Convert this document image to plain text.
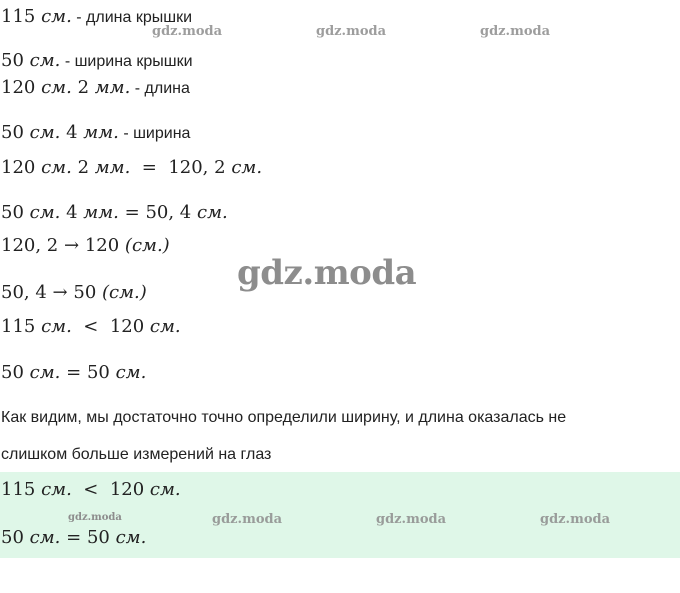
115 см. - длина крышки
50 см. - ширина крышки
120 см. 2 мм. - длина
50 см. 4 мм. - ширина
120 см. 2 мм. = 120, 2 см.
50 см. 4 мм. = 50, 4 см.
120, 2 → 120 (см.)
50, 4 → 50 (см.)
115 см. < 120 см.
50 см. = 50 см.
Как видим, мы достаточно точно определили ширину, и длина оказалась не
слишком больше измерений на глаз
115 см. < 120 см.
50 см. = 50 см.
gdz.moda	gdz.moda	gdz.moda
gdz.moda
gdz.moda	gdz.moda	gdz.moda	gdz.moda
